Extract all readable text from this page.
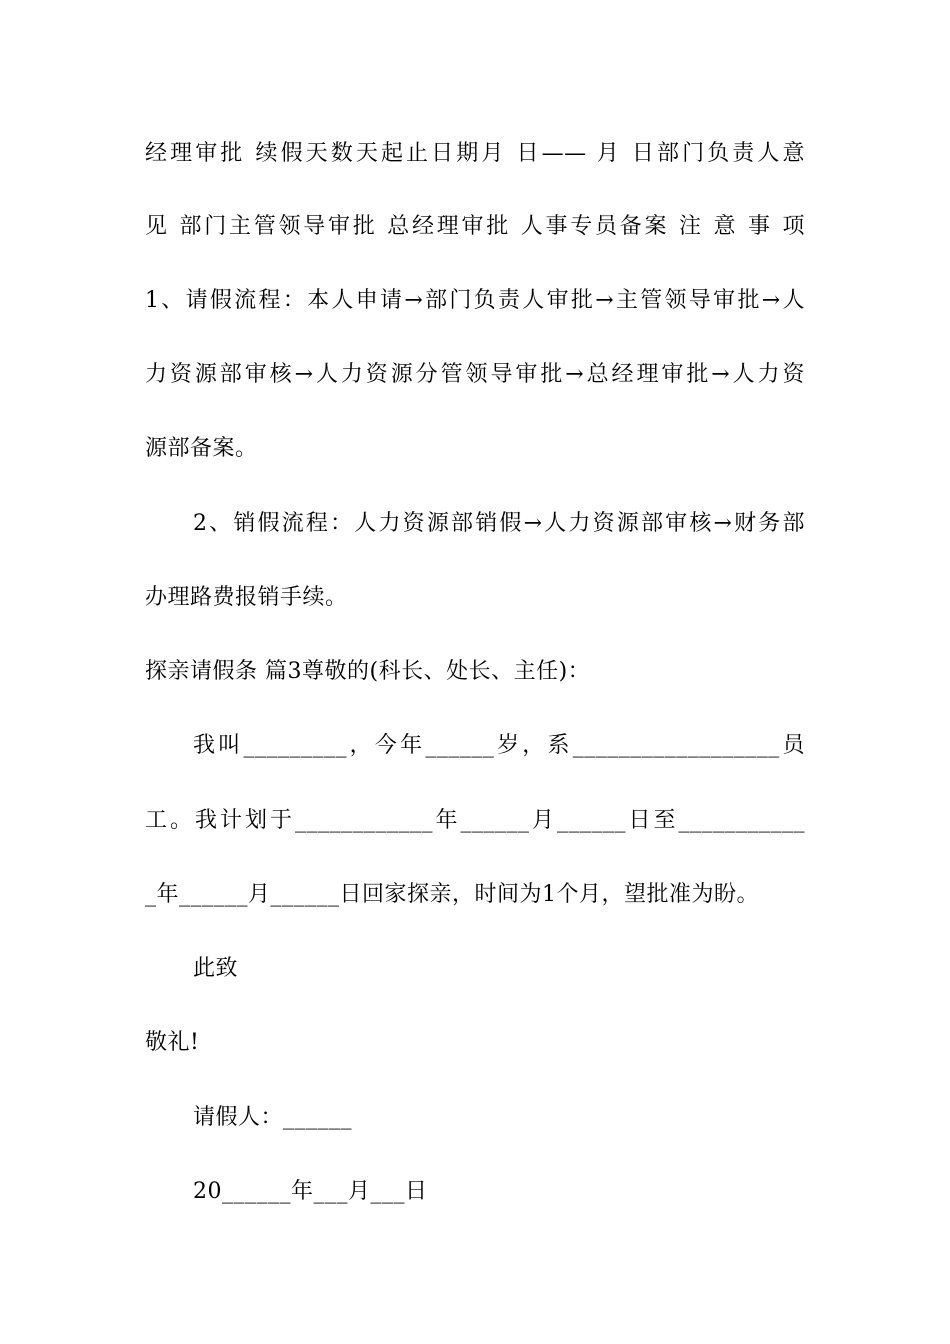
经理审批 续假天数天起止日期月 日—— 月 日部门负责人意
见 部门主管领导审批 总经理审批 人事专员备案 注 意 事 项
1、请假流程：本人申请→部门负责人审批→主管领导审批→人
力资源部审核→人力资源分管领导审批→总经理审批→人力资
源部备案。
2、销假流程：人力资源部销假→人力资源部审核→财务部
办理路费报销手续。
探亲请假条 篇3尊敬的(科长、处长、主任)：
我叫_________，今年______岁，系__________________员
工。我计划于____________年______月______日至___________
_年______月______日回家探亲，时间为1个月，望批准为盼。
此致
敬礼!
请假人：______
20______年___月___日
